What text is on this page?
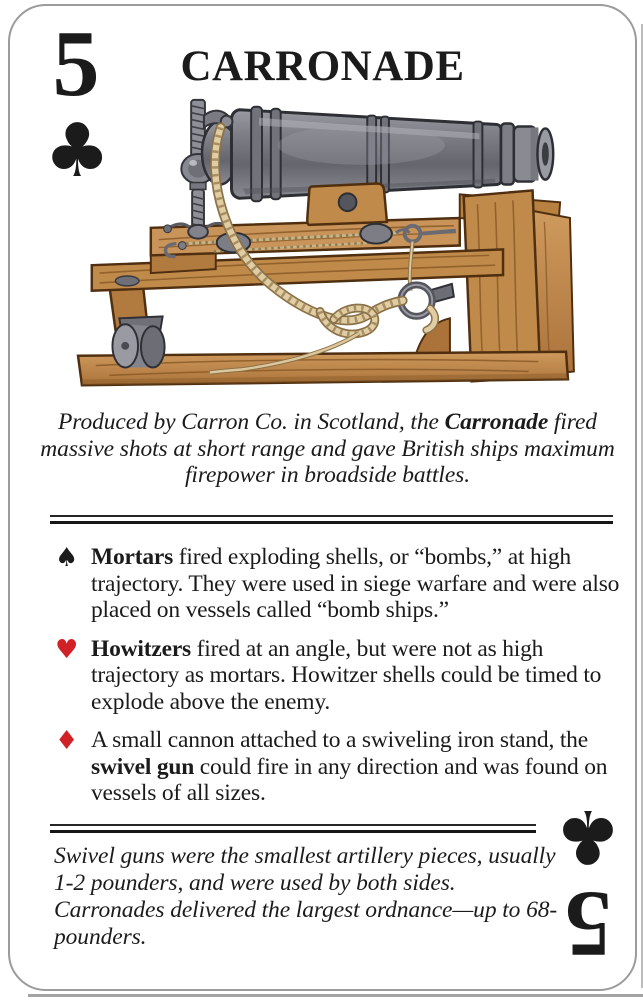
5
♣
CARRONADE

Produced by Carron Co. in Scotland, the Carronade fired massive shots at short range and gave British ships maximum firepower in broadside battles.

♠ Mortars fired exploding shells, or “bombs,” at high trajectory. They were used in siege warfare and were also placed on vessels called “bomb ships.”
♥ Howitzers fired at an angle, but were not as high trajectory as mortars. Howitzer shells could be timed to explode above the enemy.
♦ A small cannon attached to a swiveling iron stand, the swivel gun could fire in any direction and was found on vessels of all sizes.

Swivel guns were the smallest artillery pieces, usually 1-2 pounders, and were used by both sides. Carronades delivered the largest ordnance—up to 68-pounders.	5
♣
